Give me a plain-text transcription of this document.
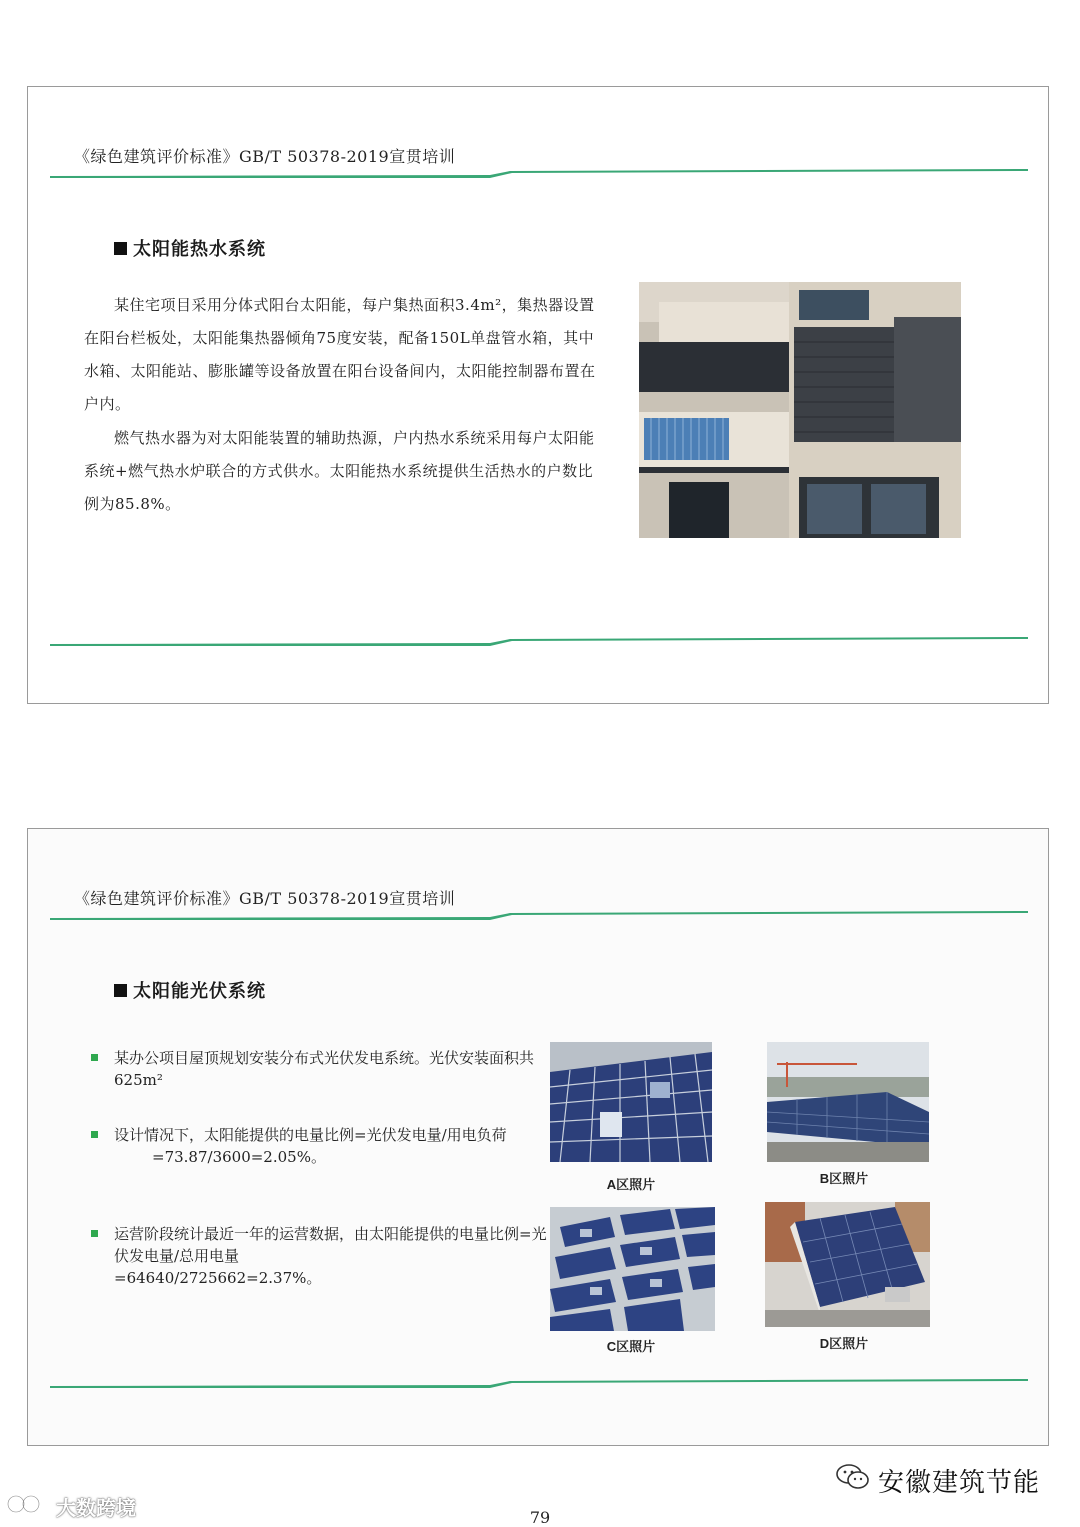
《绿色建筑评价标准》GB/T 50378-2019宣贯培训
太阳能热水系统

某住宅项目采用分体式阳台太阳能，每户集热面积3.4m²，集热器设置在阳台栏板处，太阳能集热器倾角75度安装，配备150L单盘管水箱，其中水箱、太阳能站、膨胀罐等设备放置在阳台设备间内，太阳能控制器布置在户内。

燃气热水器为对太阳能装置的辅助热源，户内热水系统采用每户太阳能系统+燃气热水炉联合的方式供水。太阳能热水系统提供生活热水的户数比例为85.8%。

《绿色建筑评价标准》GB/T 50378-2019宣贯培训
太阳能光伏系统
某办公项目屋顶规划安装分布式光伏发电系统。光伏安装面积共625m²
设计情况下，太阳能提供的电量比例=光伏发电量/用电负荷
=73.87/3600=2.05%。
运营阶段统计最近一年的运营数据，由太阳能提供的电量比例=光伏发电量/总用电量
=64640/2725662=2.37%。
A区照片	B区照片
C区照片	D区照片
安徽建筑节能
大数跨境	79
